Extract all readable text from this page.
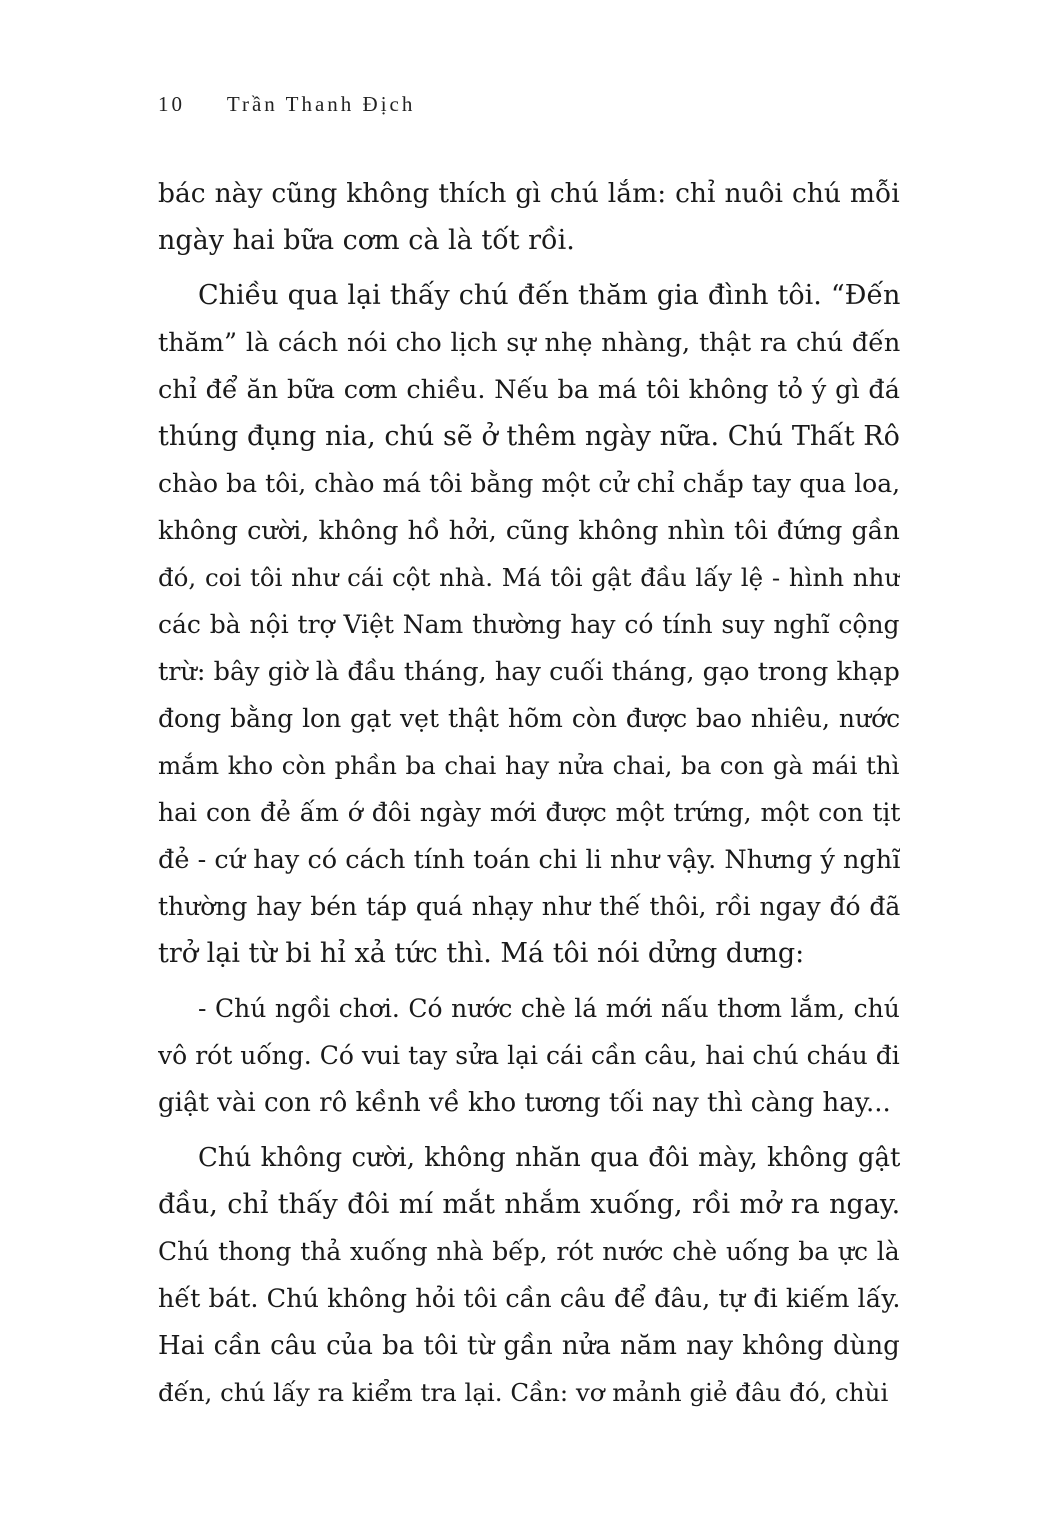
10 Trần Thanh Địch
bác này cũng không thích gì chú lắm: chỉ nuôi chú mỗi
ngày hai bữa cơm cà là tốt rồi.
Chiều qua lại thấy chú đến thăm gia đình tôi. “Đến
thăm” là cách nói cho lịch sự nhẹ nhàng, thật ra chú đến
chỉ để ăn bữa cơm chiều. Nếu ba má tôi không tỏ ý gì đá
thúng đụng nia, chú sẽ ở thêm ngày nữa. Chú Thất Rô
chào ba tôi, chào má tôi bằng một cử chỉ chắp tay qua loa,
không cười, không hồ hởi, cũng không nhìn tôi đứng gần
đó, coi tôi như cái cột nhà. Má tôi gật đầu lấy lệ - hình như
các bà nội trợ Việt Nam thường hay có tính suy nghĩ cộng
trừ: bây giờ là đầu tháng, hay cuối tháng, gạo trong khạp
đong bằng lon gạt vẹt thật hõm còn được bao nhiêu, nước
mắm kho còn phần ba chai hay nửa chai, ba con gà mái thì
hai con đẻ ấm ớ đôi ngày mới được một trứng, một con tịt
đẻ - cứ hay có cách tính toán chi li như vậy. Nhưng ý nghĩ
thường hay bén táp quá nhạy như thế thôi, rồi ngay đó đã
trở lại từ bi hỉ xả tức thì. Má tôi nói dửng dưng:
- Chú ngồi chơi. Có nước chè lá mới nấu thơm lắm, chú
vô rót uống. Có vui tay sửa lại cái cần câu, hai chú cháu đi
giật vài con rô kềnh về kho tương tối nay thì càng hay...
Chú không cười, không nhăn qua đôi mày, không gật
đầu, chỉ thấy đôi mí mắt nhắm xuống, rồi mở ra ngay.
Chú thong thả xuống nhà bếp, rót nước chè uống ba ực là
hết bát. Chú không hỏi tôi cần câu để đâu, tự đi kiếm lấy.
Hai cần câu của ba tôi từ gần nửa năm nay không dùng
đến, chú lấy ra kiểm tra lại. Cần: vơ mảnh giẻ đâu đó, chùi
